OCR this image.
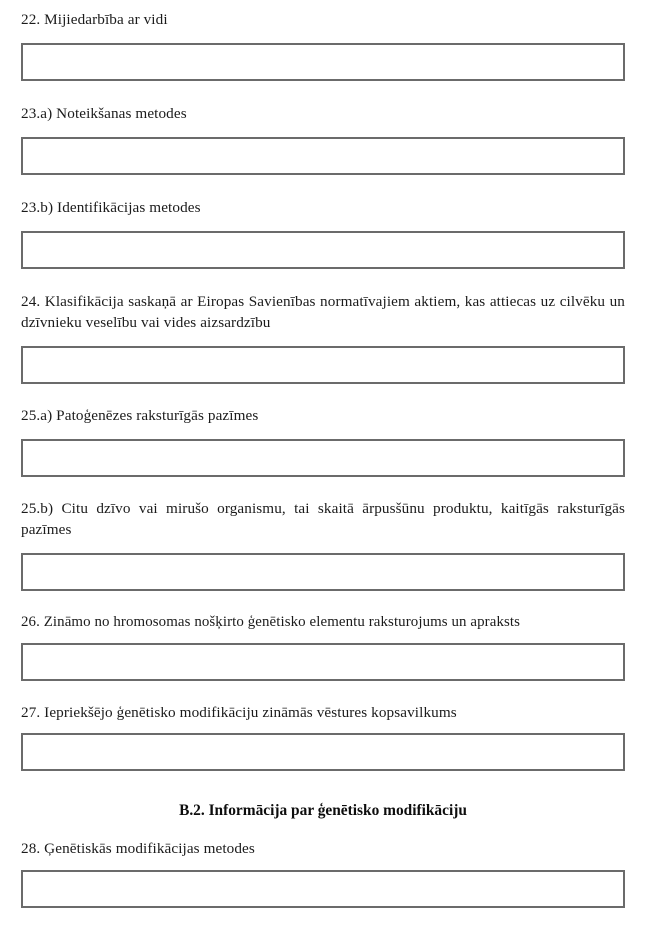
22. Mijiedarbība ar vidi

23.a) Noteikšanas metodes

23.b) Identifikācijas metodes

24. Klasifikācija saskaņā ar Eiropas Savienības normatīvajiem aktiem, kas attiecas uz cilvēku un dzīvnieku veselību vai vides aizsardzību

25.a) Patoģenēzes raksturīgās pazīmes

25.b) Citu dzīvo vai mirušo organismu, tai skaitā ārpusšūnu produktu, kaitīgās raksturīgās pazīmes

26. Zināmo no hromosomas nošķirto ģenētisko elementu raksturojums un apraksts

27. Iepriekšējo ģenētisko modifikāciju zināmās vēstures kopsavilkums

B.2. Informācija par ģenētisko modifikāciju

28. Ģenētiskās modifikācijas metodes
